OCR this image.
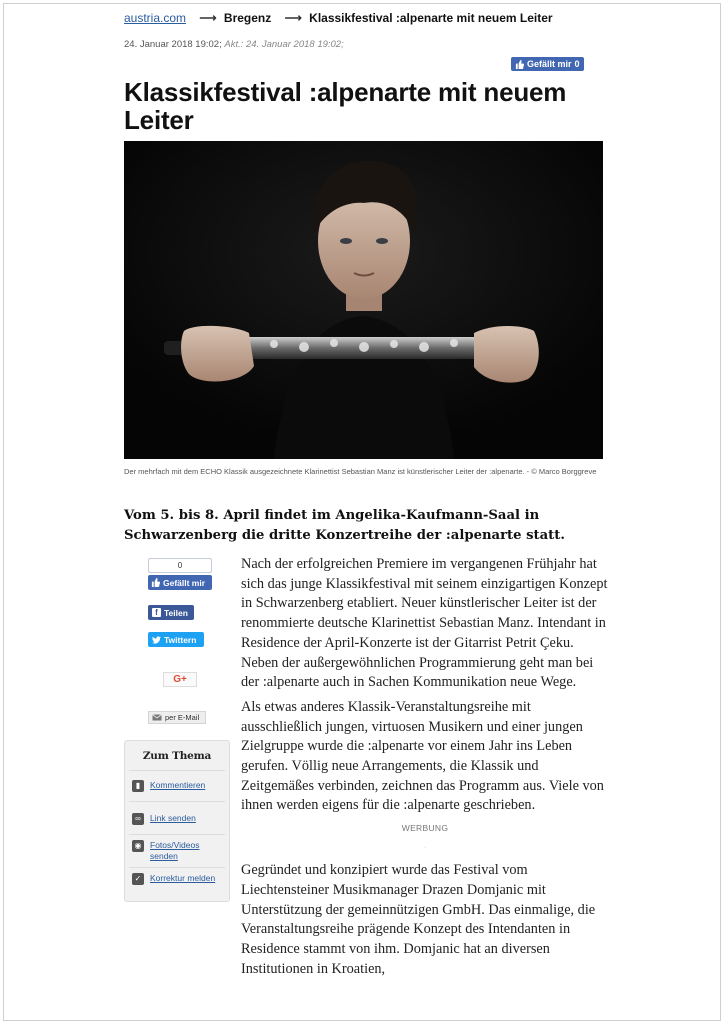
austria.com ⟶ Bregenz ⟶ Klassikfestival :alpenarte mit neuem Leiter
24. Januar 2018 19:02; Akt.: 24. Januar 2018 19:02;
Gefällt mir 0
Klassikfestival :alpenarte mit neuem Leiter

Der mehrfach mit dem ECHO Klassik ausgezeichnete Klarinettist Sebastian Manz ist künstlerischer Leiter der :alpenarte. - © Marco Borggreve

Vom 5. bis 8. April findet im Angelika-Kaufmann-Saal in Schwarzenberg die dritte Konzertreihe der :alpenarte statt.

Nach der erfolgreichen Premiere im vergangenen Frühjahr hat sich das junge Klassikfestival mit seinem einzigartigen Konzept in Schwarzenberg etabliert. Neuer künstlerischer Leiter ist der renommierte deutsche Klarinettist Sebastian Manz. Intendant in Residence der April-Konzerte ist der Gitarrist Petrit Çeku. Neben der außergewöhnlichen Programmierung geht man bei der :alpenarte auch in Sachen Kommunikation neue Wege.

Als etwas anderes Klassik-Veranstaltungsreihe mit ausschließlich jungen, virtuosen Musikern und einer jungen Zielgruppe wurde die :alpenarte vor einem Jahr ins Leben gerufen. Völlig neue Arrangements, die Klassik und Zeitgemäßes verbinden, zeichnen das Programm aus. Viele von ihnen werden eigens für die :alpenarte geschrieben.

WERBUNG

·

Gegründet und konzipiert wurde das Festival vom Liechtensteiner Musikmanager Drazen Domjanic mit Unterstützung der gemeinnützigen GmbH. Das einmalige, die Veranstaltungsreihe prägende Konzept des Intendanten in Residence stammt von ihm. Domjanic hat an diversen Institutionen in Kroatien,

0
Gefällt mir
f Teilen
Twittern
G+
per E-Mail
Zum Thema
▮	Kommentieren
∞	Link senden
◉ Fotos/Videos senden
✓	Korrektur melden
